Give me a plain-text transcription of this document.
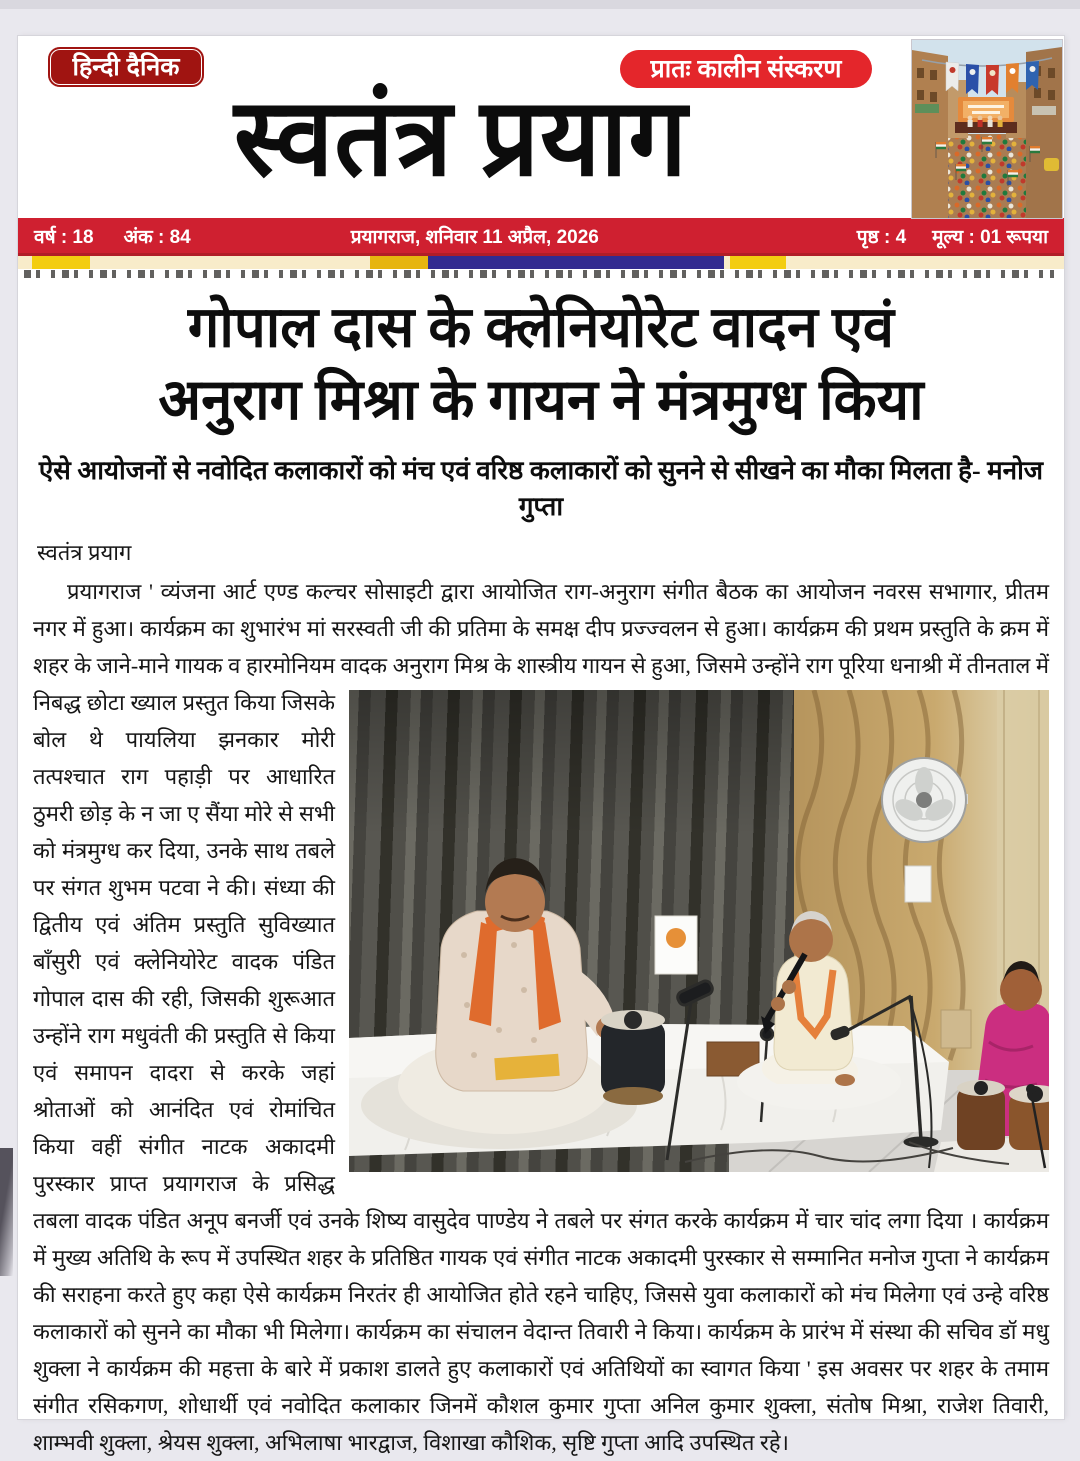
हिन्दी दैनिक	प्रातः कालीन संस्करण
स्वतंत्र प्रयाग
वर्ष : 18 अंक : 84	प्रयागराज, शनिवार 11 अप्रैल, 2026	पृष्ठ : 4 मूल्य : 01 रूपया
गोपाल दास के क्लेनियोरेट वादन एवं
अनुराग मिश्रा के गायन ने मंत्रमुग्ध किया
ऐसे आयोजनों से नवोदित कलाकारों को मंच एवं वरिष्ठ कलाकारों को सुनने से सीखने का मौका मिलता है- मनोज गुप्ता
स्वतंत्र प्रयाग

प्रयागराज ' व्यंजना आर्ट एण्ड कल्चर सोसाइटी द्वारा आयोजित राग-अनुराग संगीत बैठक का आयोजन नवरस सभागार, प्रीतम नगर में हुआ। कार्यक्रम का शुभारंभ मां सरस्वती जी की प्रतिमा के समक्ष दीप प्रज्ज्वलन से हुआ। कार्यक्रम की प्रथम प्रस्तुति के क्रम में शहर के जाने-माने गायक व हारमोनियम वादक अनुराग मिश्र के शास्त्रीय गायन से हुआ, जिसमे उन्होंने राग पूरिया धनाश्री में तीनताल में निबद्ध छोटा ख्याल प्रस्तुत किया जिसके बोल थे पायलिया झनकार मोरी तत्पश्चात राग पहाड़ी पर आधारित ठुमरी छोड़ के न जा ए सैंया मोरे से सभी को मंत्रमुग्ध कर दिया, उनके साथ तबले पर संगत शुभम पटवा ने की। संध्या की द्वितीय एवं अंतिम प्रस्तुति सुविख्यात बाँसुरी एवं क्लेनियोरेट वादक पंडित गोपाल दास की रही, जिसकी शुरूआत उन्होंने राग मधुवंती की प्रस्तुति से किया एवं समापन दादरा से करके जहां श्रोताओं को आनंदित एवं रोमांचित किया वहीं संगीत नाटक अकादमी पुरस्कार प्राप्त प्रयागराज के प्रसिद्ध तबला वादक पंडित अनूप बनर्जी एवं उनके शिष्य वासुदेव पाण्डेय ने तबले पर संगत करके कार्यक्रम में चार चांद लगा दिया । कार्यक्रम में मुख्य अतिथि के रूप में उपस्थित शहर के प्रतिष्ठित गायक एवं संगीत नाटक अकादमी पुरस्कार से सम्मानित मनोज गुप्ता ने कार्यक्रम की सराहना करते हुए कहा ऐसे कार्यक्रम निरतंर ही आयोजित होते रहने चाहिए, जिससे युवा कलाकारों को मंच मिलेगा एवं उन्हे वरिष्ठ कलाकारों को सुनने का मौका भी मिलेगा। कार्यक्रम का संचालन वेदान्त तिवारी ने किया। कार्यक्रम के प्रारंभ में संस्था की सचिव डॉ मधु शुक्ला ने कार्यक्रम की महत्ता के बारे में प्रकाश डालते हुए कलाकारों एवं अतिथियों का स्वागत किया ' इस अवसर पर शहर के तमाम संगीत रसिकगण, शोधार्थी एवं नवोदित कलाकार जिनमें कौशल कुमार गुप्ता अनिल कुमार शुक्ला, संतोष मिश्रा, राजेश तिवारी, शाम्भवी शुक्ला, श्रेयस शुक्ला, अभिलाषा भारद्वाज, विशाखा कौशिक, सृष्टि गुप्ता आदि उपस्थित रहे।
